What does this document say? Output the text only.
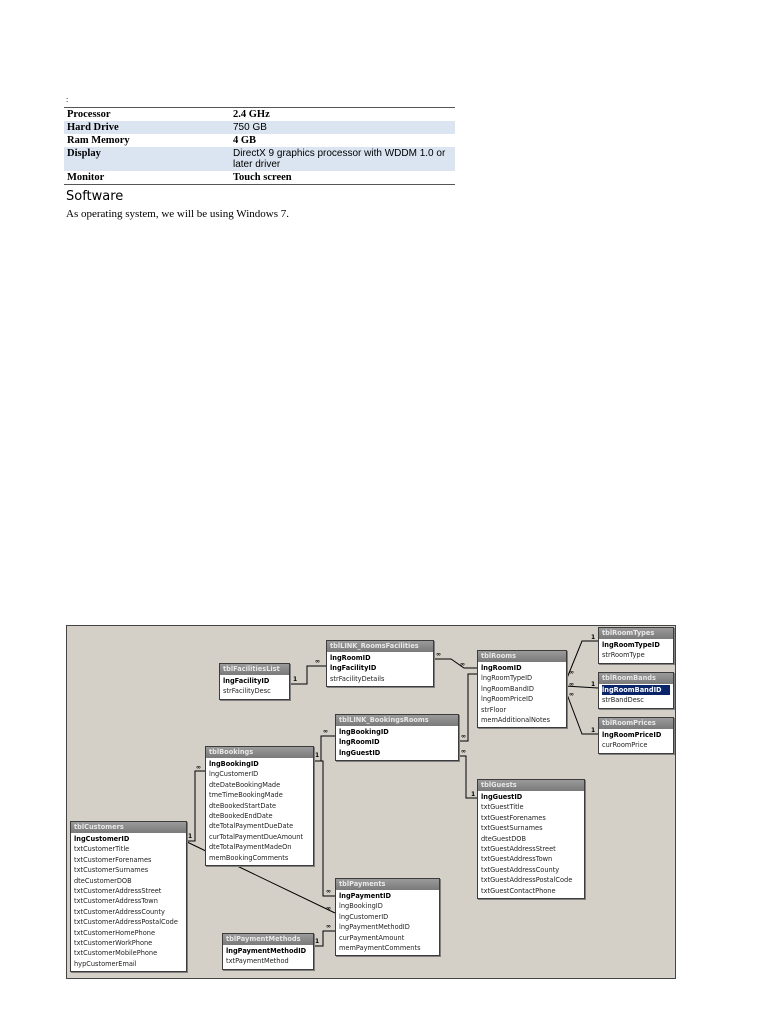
:
Processor	2.4 GHz
Hard Drive	750 GB
Ram Memory	4 GB
Display	DirectX 9 graphics processor with WDDM 1.0 or later driver
Monitor	Touch screen
Software
As operating system, we will be using Windows 7.
1
∞
∞
∞
∞
1
∞	1
∞
1
∞
∞
1
1
∞
1
∞
∞
∞
∞
1
tblFacilitiesList
lngFacilityID
strFacilityDesc
tblLINK_RoomsFacilities
lngRoomID
lngFacilityID
strFacilityDetails
tblRooms
lngRoomID
lngRoomTypeID
lngRoomBandID
lngRoomPriceID
strFloor
memAdditionalNotes
tblRoomTypes
lngRoomTypeID
strRoomType
tblRoomBands
lngRoomBandID
strBandDesc
tblRoomPrices
lngRoomPriceID
curRoomPrice
tblLINK_BookingsRooms
lngBookingID
lngRoomID
lngGuestID
tblBookings
lngBookingID
lngCustomerID
dteDateBookingMade
tmeTimeBookingMade
dteBookedStartDate
dteBookedEndDate
dteTotalPaymentDueDate
curTotalPaymentDueAmount
dteTotalPaymentMadeOn
memBookingComments
tblGuests
lngGuestID
txtGuestTitle
txtGuestForenames
txtGuestSurnames
dteGuestDOB
txtGuestAddressStreet
txtGuestAddressTown
txtGuestAddressCounty
txtGuestAddressPostalCode
txtGuestContactPhone
tblCustomers
lngCustomerID
txtCustomerTitle
txtCustomerForenames
txtCustomerSurnames
dteCustomerDOB
txtCustomerAddressStreet
txtCustomerAddressTown
txtCustomerAddressCounty
txtCustomerAddressPostalCode
txtCustomerHomePhone
txtCustomerWorkPhone
txtCustomerMobilePhone
hypCustomerEmail
tblPayments
lngPaymentID
lngBookingID
lngCustomerID
lngPaymentMethodID
curPaymentAmount
memPaymentComments
tblPaymentMethods
lngPaymentMethodID
txtPaymentMethod
